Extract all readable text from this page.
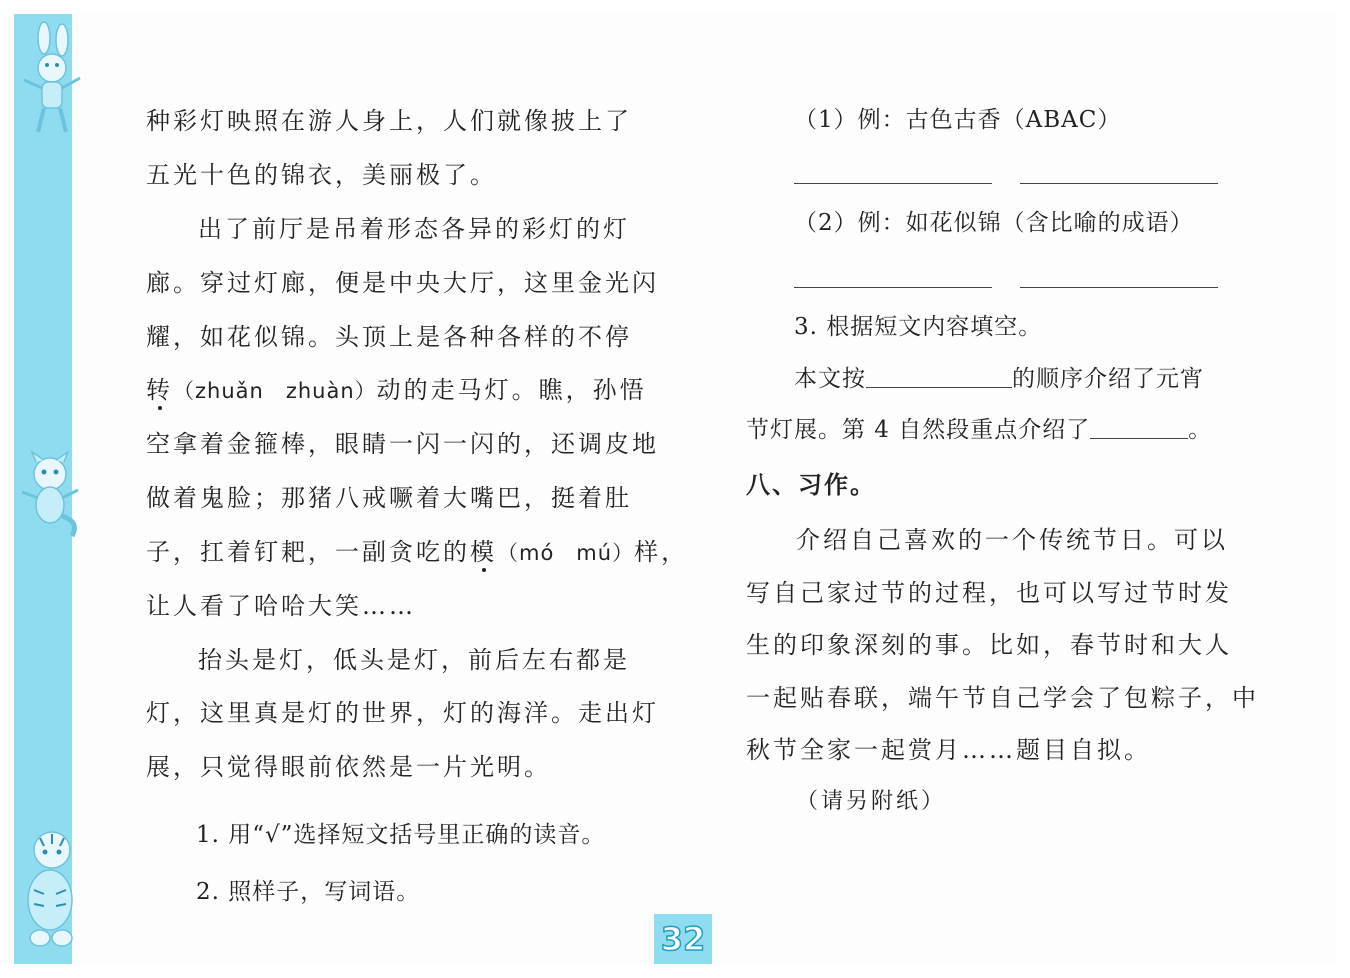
种彩灯映照在游人身上，人们就像披上了
五光十色的锦衣，美丽极了。
出了前厅是吊着形态各异的彩灯的灯
廊。穿过灯廊，便是中央大厅，这里金光闪
耀，如花似锦。头顶上是各种各样的不停
转（zhuǎn　zhuàn）动的走马灯。瞧，孙悟
空拿着金箍棒，眼睛一闪一闪的，还调皮地
做着鬼脸；那猪八戒噘着大嘴巴，挺着肚
子，扛着钉耙，一副贪吃的模（mó　mú）样，
让人看了哈哈大笑……
抬头是灯，低头是灯，前后左右都是
灯，这里真是灯的世界，灯的海洋。走出灯
展，只觉得眼前依然是一片光明。
1. 用“√”选择短文括号里正确的读音。
2. 照样子，写词语。
（1）例：古色古香（ABAC）
（2）例：如花似锦（含比喻的成语）
3. 根据短文内容填空。
本文按	的顺序介绍了元宵
节灯展。第 4 自然段重点介绍了	。
八、习作。
介绍自己喜欢的一个传统节日。可以
写自己家过节的过程，也可以写过节时发
生的印象深刻的事。比如，春节时和大人
一起贴春联，端午节自己学会了包粽子，中
秋节全家一起赏月……题目自拟。
（请另附纸）
32
